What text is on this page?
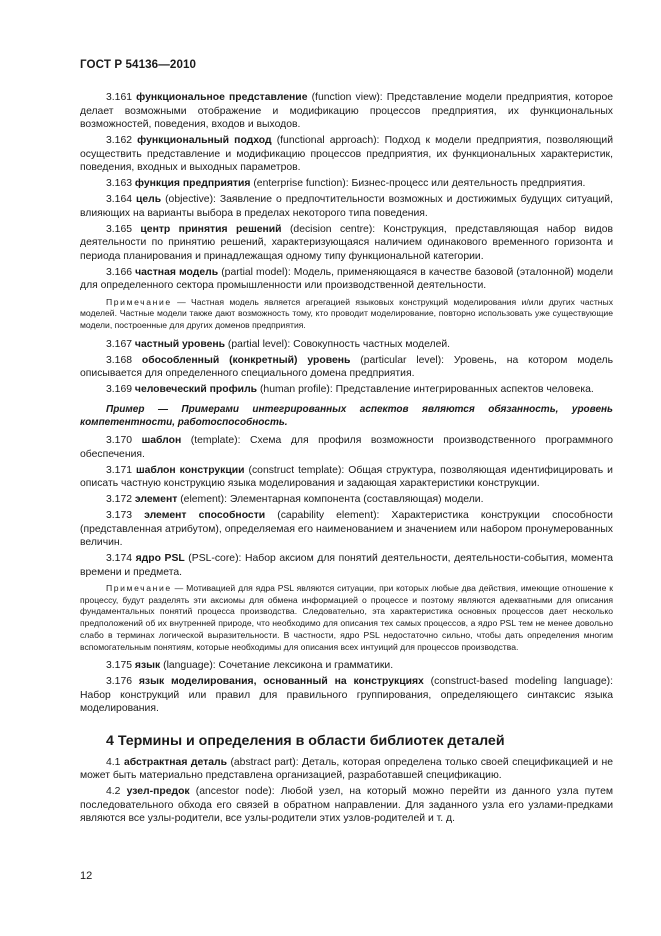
ГОСТ Р 54136—2010

3.161 функциональное представление (function view): Представление модели предприятия, которое делает возможными отображение и модификацию процессов предприятия, их функциональных возможностей, поведения, входов и выходов.

3.162 функциональный подход (functional approach): Подход к модели предприятия, позволяющий осуществить представление и модификацию процессов предприятия, их функциональных характеристик, поведения, входных и выходных параметров.

3.163 функция предприятия (enterprise function): Бизнес-процесс или деятельность предприятия.

3.164 цель (objective): Заявление о предпочтительности возможных и достижимых будущих ситуаций, влияющих на варианты выбора в пределах некоторого типа поведения.

3.165 центр принятия решений (decision centre): Конструкция, представляющая набор видов деятельности по принятию решений, характеризующаяся наличием одинакового временного горизонта и периода планирования и принадлежащая одному типу функциональной категории.

3.166 частная модель (partial model): Модель, применяющаяся в качестве базовой (эталонной) модели для определенного сектора промышленности или производственной деятельности.

Примечание — Частная модель является агрегацией языковых конструкций моделирования и/или других частных моделей. Частные модели также дают возможность тому, кто проводит моделирование, повторно использовать уже существующие модели, построенные для других доменов предприятия.

3.167 частный уровень (partial level): Совокупность частных моделей.

3.168 обособленный (конкретный) уровень (particular level): Уровень, на котором модель описывается для определенного специального домена предприятия.

3.169 человеческий профиль (human profile): Представление интегрированных аспектов человека.

Пример — Примерами интегрированных аспектов являются обязанность, уровень компетентности, работоспособность.

3.170 шаблон (template): Схема для профиля возможности производственного программного обеспечения.

3.171 шаблон конструкции (construct template): Общая структура, позволяющая идентифицировать и описать частную конструкцию языка моделирования и задающая характеристики конструкции.

3.172 элемент (element): Элементарная компонента (составляющая) модели.

3.173 элемент способности (capability element): Характеристика конструкции способности (представленная атрибутом), определяемая его наименованием и значением или набором пронумерованных величин.

3.174 ядро PSL (PSL-core): Набор аксиом для понятий деятельности, деятельности-события, момента времени и предмета.

Примечание — Мотивацией для ядра PSL являются ситуации, при которых любые два действия, имеющие отношение к процессу, будут разделять эти аксиомы для обмена информацией о процессе и поэтому являются адекватными для описания фундаментальных понятий процесса производства. Следовательно, эта характеристика основных процессов дает несколько предположений об их внутренней природе, что необходимо для описания тех самых процессов, а ядро PSL тем не менее довольно слабо в терминах логической выразительности. В частности, ядро PSL недостаточно сильно, чтобы дать определения многим вспомогательным понятиям, которые необходимы для описания всех интуиций для процессов производства.

3.175 язык (language): Сочетание лексикона и грамматики.

3.176 язык моделирования, основанный на конструкциях (construct-based modeling language): Набор конструкций или правил для правильного группирования, определяющего синтаксис языка моделирования.

4 Термины и определения в области библиотек деталей

4.1 абстрактная деталь (abstract part): Деталь, которая определена только своей спецификацией и не может быть материально представлена организацией, разработавшей спецификацию.

4.2 узел-предок (ancestor node): Любой узел, на который можно перейти из данного узла путем последовательного обхода его связей в обратном направлении. Для заданного узла его узлами-предками являются все узлы-родители, все узлы-родители этих узлов-родителей и т. д.

12
